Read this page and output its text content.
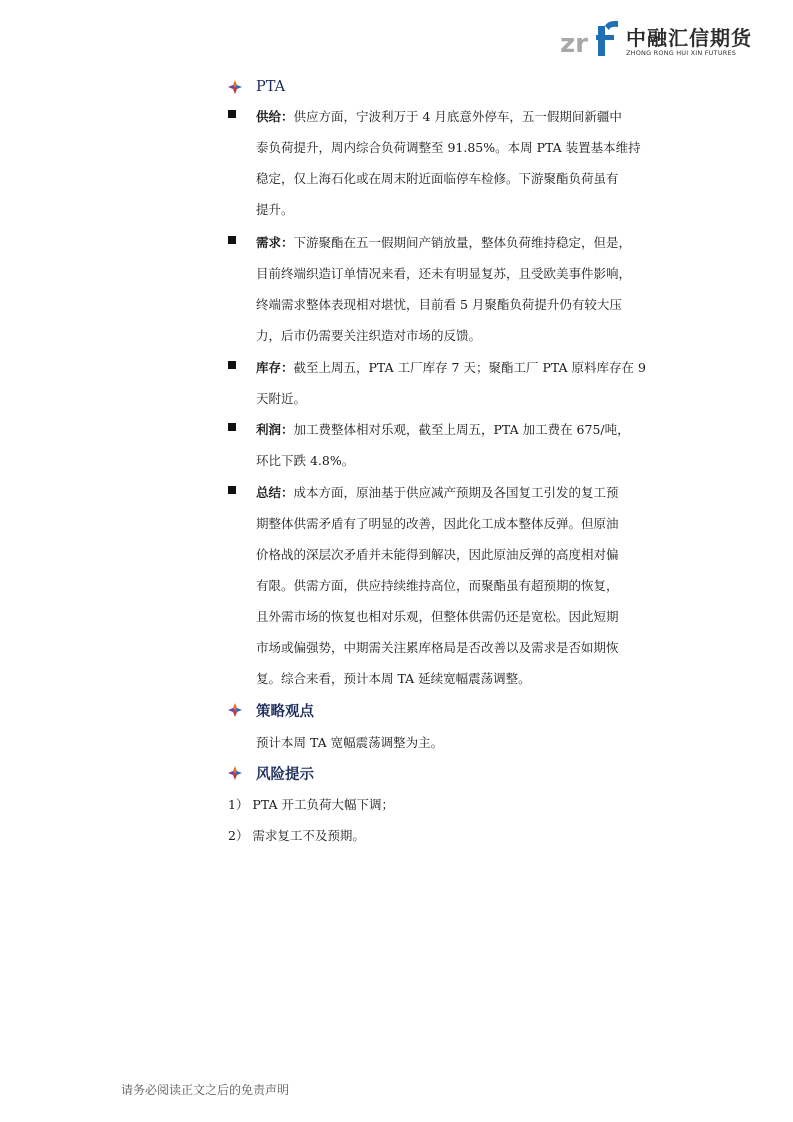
zr 中融汇信期货
ZHONG RONG HUI XIN FUTURES
PTA
供给：供应方面，宁波利万于 4 月底意外停车，五一假期间新疆中
泰负荷提升，周内综合负荷调整至 91.85%。本周 PTA 装置基本维持
稳定，仅上海石化或在周末附近面临停车检修。下游聚酯负荷虽有
提升。
需求：下游聚酯在五一假期间产销放量，整体负荷维持稳定，但是，
目前终端织造订单情况来看，还未有明显复苏，且受欧美事件影响，
终端需求整体表现相对堪忧，目前看 5 月聚酯负荷提升仍有较大压
力，后市仍需要关注织造对市场的反馈。
库存：截至上周五，PTA 工厂库存 7 天；聚酯工厂 PTA 原料库存在 9
天附近。
利润：加工费整体相对乐观，截至上周五，PTA 加工费在 675/吨，
环比下跌 4.8%。
总结：成本方面，原油基于供应减产预期及各国复工引发的复工预
期整体供需矛盾有了明显的改善，因此化工成本整体反弹。但原油
价格战的深层次矛盾并未能得到解决，因此原油反弹的高度相对偏
有限。供需方面，供应持续维持高位，而聚酯虽有超预期的恢复，
且外需市场的恢复也相对乐观，但整体供需仍还是宽松。因此短期
市场或偏强势，中期需关注累库格局是否改善以及需求是否如期恢
复。综合来看，预计本周 TA 延续宽幅震荡调整。
策略观点
预计本周 TA 宽幅震荡调整为主。
风险提示
1） PTA 开工负荷大幅下调；
2） 需求复工不及预期。
请务必阅读正文之后的免责声明
